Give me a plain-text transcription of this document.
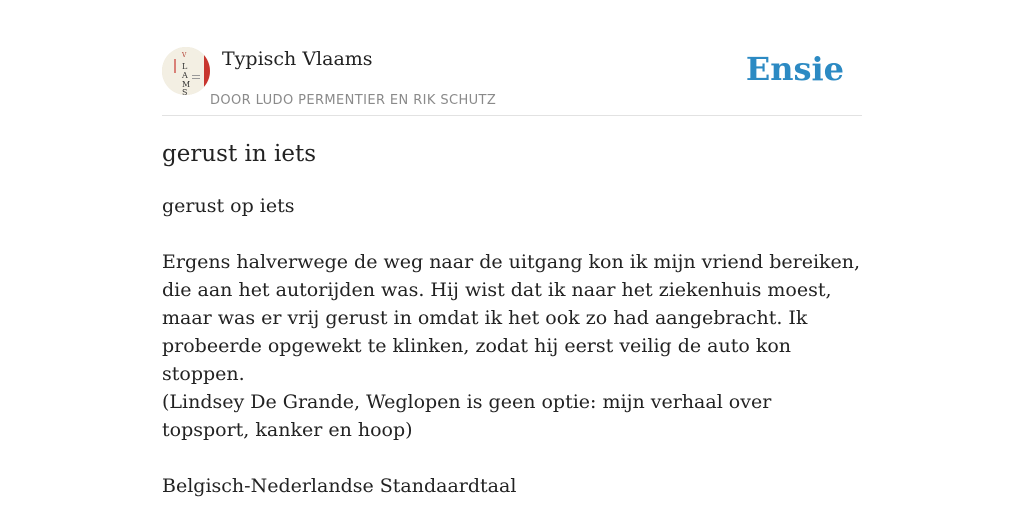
V
L
A
M
S
Typisch Vlaams
DOOR LUDO PERMENTIER EN RIK SCHUTZ
Ensie
gerust in iets
gerust op iets
Ergens halverwege de weg naar de uitgang kon ik mijn vriend bereiken, die aan het autorijden was. Hij wist dat ik naar het ziekenhuis moest, maar was er vrij gerust in omdat ik het ook zo had aangebracht. Ik probeerde opgewekt te klinken, zodat hij eerst veilig de auto kon stoppen.
(Lindsey De Grande, Weglopen is geen optie: mijn verhaal over topsport, kanker en hoop)
Belgisch-Nederlandse Standaardtaal
